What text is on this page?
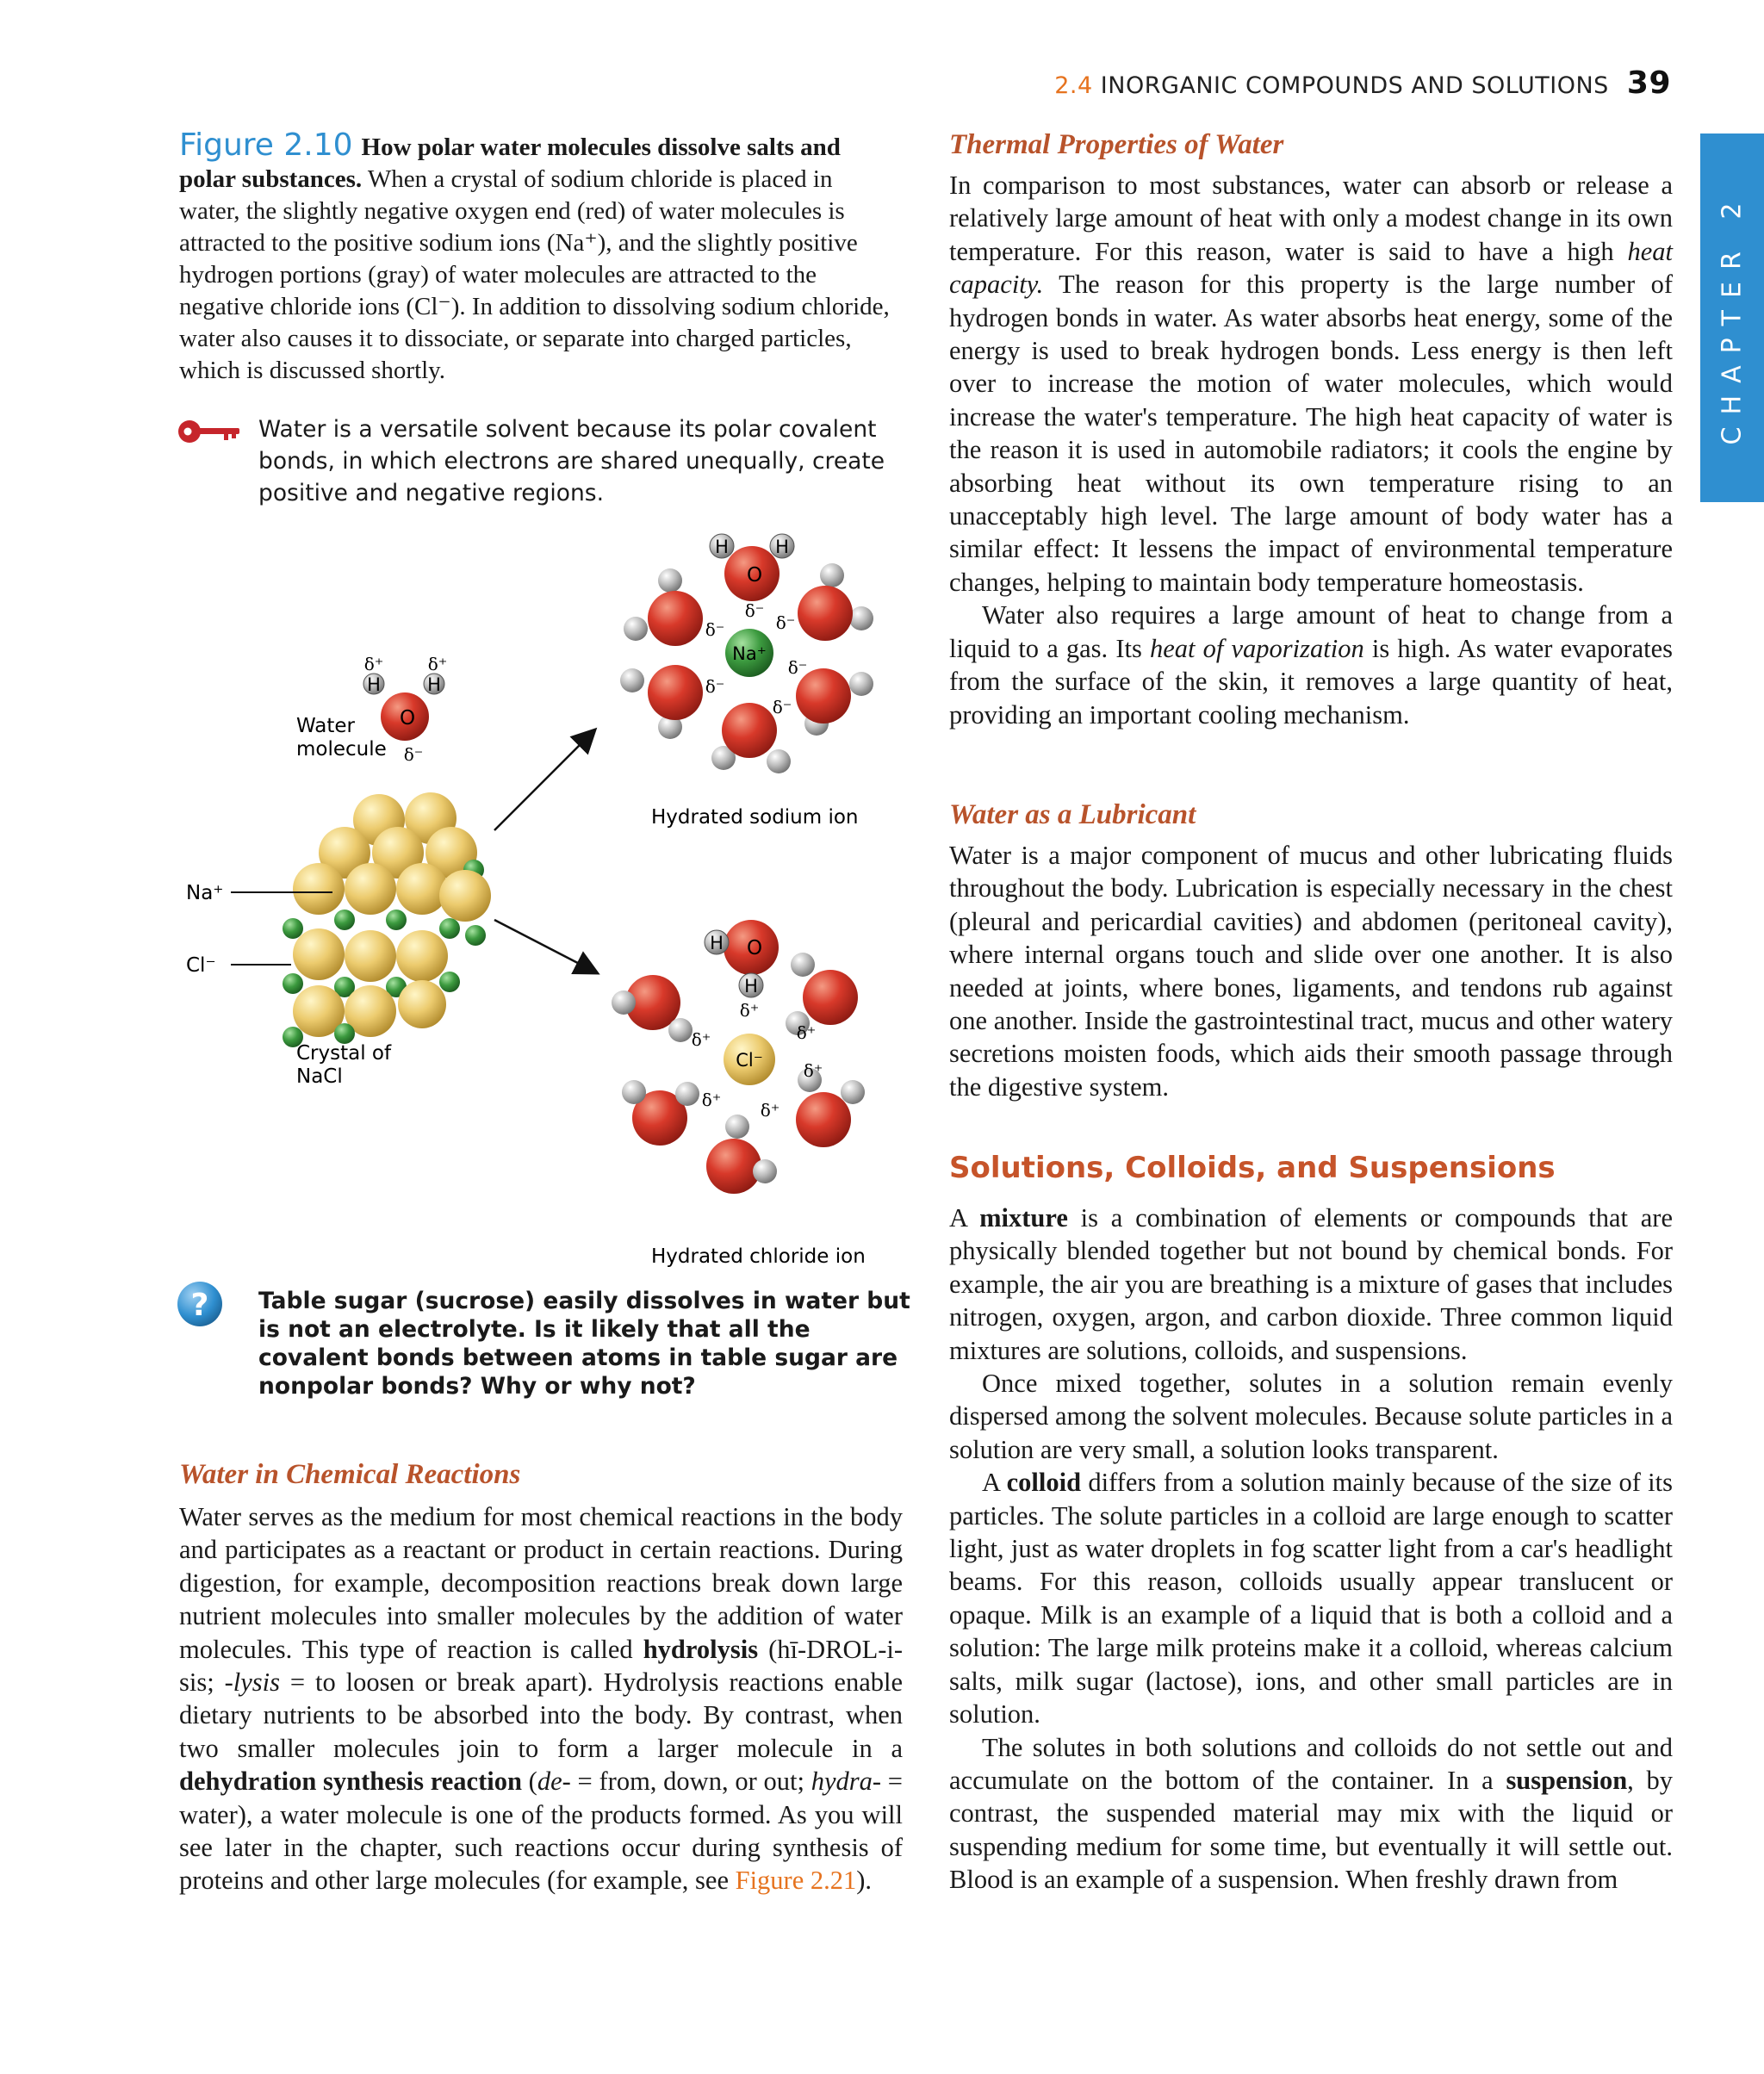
2.4 INORGANIC COMPOUNDS AND SOLUTIONS 39
CHAPTER 2
Figure 2.10 How polar water molecules dissolve salts and polar substances. When a crystal of sodium chloride is placed in water, the slightly negative oxygen end (red) of water molecules is attracted to the positive sodium ions (Na⁺), and the slightly positive hydrogen portions (gray) of water molecules are attracted to the negative chloride ions (Cl⁻). In addition to dissolving sodium chloride, water also causes it to dissociate, or separate into charged particles, which is discussed shortly.
Water is a versatile solvent because its polar covalent bonds, in which electrons are shared unequally, create positive and negative regions.
H	H
O
δ⁺	δ⁺
δ⁻
Water
molecule
Na⁺
Cl⁻
Crystal of
NaCl
H	H
O
Na⁺
δ⁻
δ⁻	δ⁻
δ⁻
δ⁻
δ⁻
Hydrated sodium ion
H
H
O
Cl⁻
δ⁺
δ⁺	δ⁺
δ⁺
δ⁺
δ⁺
Hydrated chloride ion
? Table sugar (sucrose) easily dissolves in water but is not an electrolyte. Is it likely that all the covalent bonds between atoms in table sugar are nonpolar bonds? Why or why not?
Water in Chemical Reactions

Water serves as the medium for most chemical reactions in the body and participates as a reactant or product in certain reactions. During digestion, for example, decomposition reactions break down large nutrient molecules into smaller molecules by the addition of water molecules. This type of reaction is called hydrolysis (hī-DROL-i-sis; -lysis = to loosen or break apart). Hydrolysis reactions enable dietary nutrients to be absorbed into the body. By contrast, when two smaller molecules join to form a larger molecule in a dehydration synthesis reaction (de- = from, down, or out; hydra- = water), a water molecule is one of the products formed. As you will see later in the chapter, such reactions occur during synthesis of proteins and other large molecules (for example, see Figure 2.21).

Thermal Properties of Water

In comparison to most substances, water can absorb or release a relatively large amount of heat with only a modest change in its own temperature. For this reason, water is said to have a high heat capacity. The reason for this property is the large number of hydrogen bonds in water. As water absorbs heat energy, some of the energy is used to break hydrogen bonds. Less energy is then left over to increase the motion of water molecules, which would increase the water's temperature. The high heat capacity of water is the reason it is used in automobile radiators; it cools the engine by absorbing heat without its own temperature rising to an unacceptably high level. The large amount of body water has a similar effect: It lessens the impact of environmental temperature changes, helping to maintain body temperature homeostasis.

Water also requires a large amount of heat to change from a liquid to a gas. Its heat of vaporization is high. As water evaporates from the surface of the skin, it removes a large quantity of heat, providing an important cooling mechanism.

Water as a Lubricant

Water is a major component of mucus and other lubricating fluids throughout the body. Lubrication is especially necessary in the chest (pleural and pericardial cavities) and abdomen (peritoneal cavity), where internal organs touch and slide over one another. It is also needed at joints, where bones, ligaments, and tendons rub against one another. Inside the gastrointestinal tract, mucus and other watery secretions moisten foods, which aids their smooth passage through the digestive system.

Solutions, Colloids, and Suspensions

A mixture is a combination of elements or compounds that are physically blended together but not bound by chemical bonds. For example, the air you are breathing is a mixture of gases that includes nitrogen, oxygen, argon, and carbon dioxide. Three common liquid mixtures are solutions, colloids, and suspensions.

Once mixed together, solutes in a solution remain evenly dispersed among the solvent molecules. Because solute particles in a solution are very small, a solution looks transparent.

A colloid differs from a solution mainly because of the size of its particles. The solute particles in a colloid are large enough to scatter light, just as water droplets in fog scatter light from a car's headlight beams. For this reason, colloids usually appear translucent or opaque. Milk is an example of a liquid that is both a colloid and a solution: The large milk proteins make it a colloid, whereas calcium salts, milk sugar (lactose), ions, and other small particles are in solution.

The solutes in both solutions and colloids do not settle out and accumulate on the bottom of the container. In a suspension, by contrast, the suspended material may mix with the liquid or suspending medium for some time, but eventually it will settle out. Blood is an example of a suspension. When freshly drawn from
